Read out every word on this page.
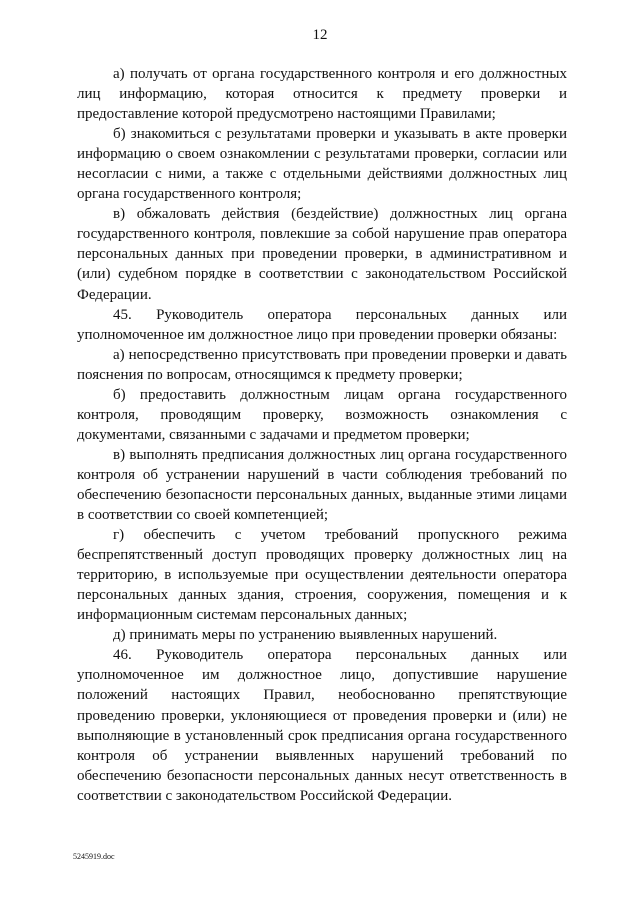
12

а) получать от органа государственного контроля и его должностных лиц информацию, которая относится к предмету проверки и предоставление которой предусмотрено настоящими Правилами;

б) знакомиться с результатами проверки и указывать в акте проверки информацию о своем ознакомлении с результатами проверки, согласии или несогласии с ними, а также с отдельными действиями должностных лиц органа государственного контроля;

в) обжаловать действия (бездействие) должностных лиц органа государственного контроля, повлекшие за собой нарушение прав оператора персональных данных при проведении проверки, в административном и (или) судебном порядке в соответствии с законодательством Российской Федерации.

45. Руководитель оператора персональных данных или уполномоченное им должностное лицо при проведении проверки обязаны:

а) непосредственно присутствовать при проведении проверки и давать пояснения по вопросам, относящимся к предмету проверки;

б) предоставить должностным лицам органа государственного контроля, проводящим проверку, возможность ознакомления с документами, связанными с задачами и предметом проверки;

в) выполнять предписания должностных лиц органа государственного контроля об устранении нарушений в части соблюдения требований по обеспечению безопасности персональных данных, выданные этими лицами в соответствии со своей компетенцией;

г) обеспечить с учетом требований пропускного режима беспрепятственный доступ проводящих проверку должностных лиц на территорию, в используемые при осуществлении деятельности оператора персональных данных здания, строения, сооружения, помещения и к информационным системам персональных данных;

д) принимать меры по устранению выявленных нарушений.

46. Руководитель оператора персональных данных или уполномоченное им должностное лицо, допустившие нарушение положений настоящих Правил, необоснованно препятствующие проведению проверки, уклоняющиеся от проведения проверки и (или) не выполняющие в установленный срок предписания органа государственного контроля об устранении выявленных нарушений требований по обеспечению безопасности персональных данных несут ответственность в соответствии с законодательством Российской Федерации.

5245919.doc
